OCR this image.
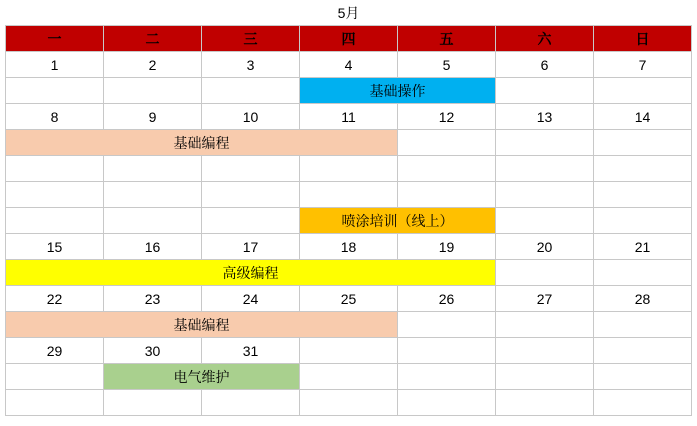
5月						
一	二	三	四	五	六	日
1	2	3	4	5	6	7
			基础操作			
8	9	10	11	12	13	14
基础编程						

			喷涂培训（线上）			
15	16	17	18	19	20	21
高级编程						
22	23	24	25	26	27	28
基础编程						
29	30	31				
	电气维护					
